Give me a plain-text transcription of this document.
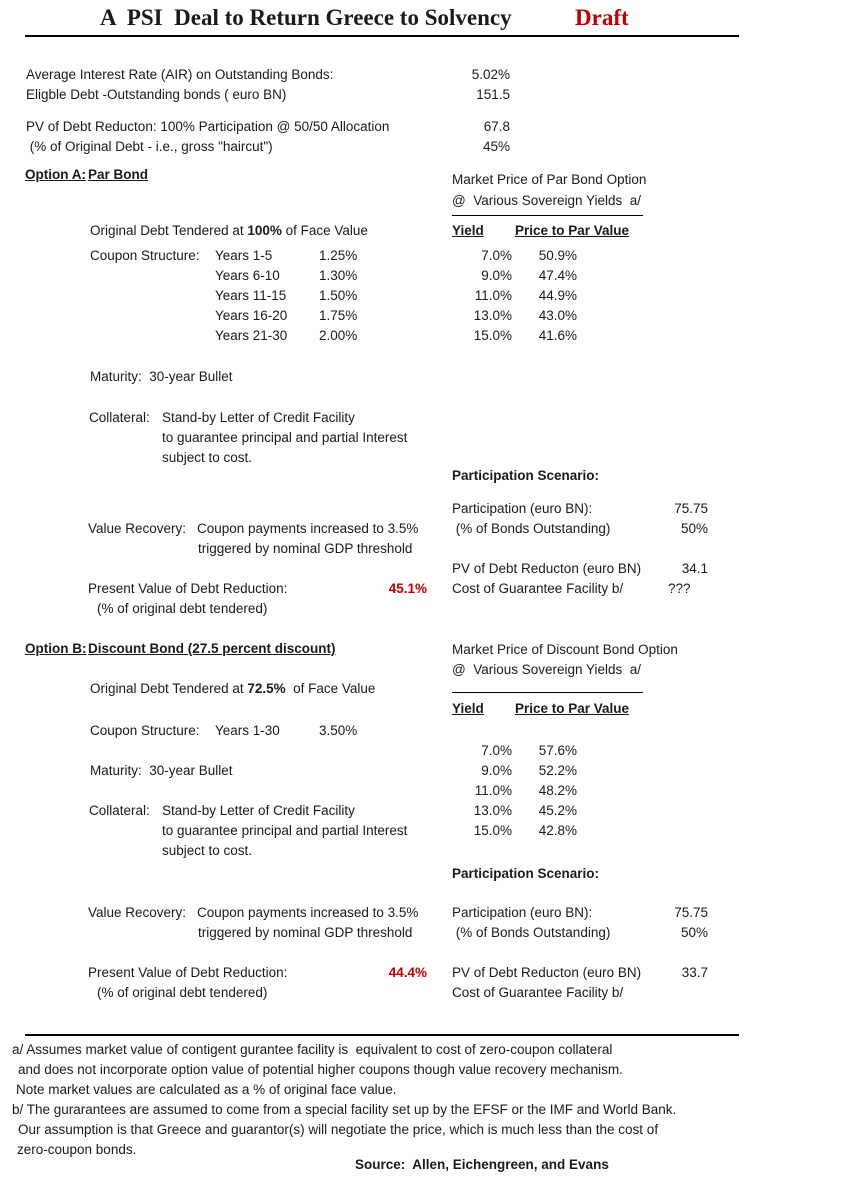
A  PSI  Deal to Return Greece to Solvency	Draft
Average Interest Rate (AIR) on Outstanding Bonds:	5.02%
Eligble Debt -Outstanding bonds ( euro BN)	151.5
PV of Debt Reducton: 100% Participation @ 50/50 Allocation	67.8
(% of Original Debt - i.e., gross "haircut")	45%
Option A: Par Bond	Market Price of Par Bond Option
@  Various Sovereign Yields  a/
Original Debt Tendered at 100% of Face Value	Yield Price to Par Value
Coupon Structure: Years 1-5	1.25%
Years 6-10	1.30%
Years 11-15 1.50%
Years 16-20 1.75%
Years 21-30 2.00%
7.0%	50.9%
9.0%	47.4%
11.0%	44.9%
13.0%	43.0%
15.0%	41.6%
Maturity:  30-year Bullet
Collateral: Stand-by Letter of Credit Facility
to guarantee principal and partial Interest
subject to cost.
Participation Scenario:
Participation (euro BN):	75.75
(% of Bonds Outstanding)	50%
PV of Debt Reducton (euro BN)	34.1
Cost of Guarantee Facility b/	???
Value Recovery: Coupon payments increased to 3.5%
triggered by nominal GDP threshold
Present Value of Debt Reduction:	45.1%
(% of original debt tendered)
Option B: Discount Bond (27.5 percent discount)	Market Price of Discount Bond Option
@  Various Sovereign Yields  a/
Original Debt Tendered at 72.5%  of Face Value
Yield Price to Par Value
Coupon Structure: Years 1-30	3.50%
7.0%	57.6%
9.0%	52.2%
11.0%	48.2%
13.0%	45.2%
15.0%	42.8%
Maturity:  30-year Bullet
Collateral: Stand-by Letter of Credit Facility
to guarantee principal and partial Interest
subject to cost.
Participation Scenario:
Participation (euro BN):	75.75
(% of Bonds Outstanding)	50%
PV of Debt Reducton (euro BN)	33.7
Cost of Guarantee Facility b/
Value Recovery: Coupon payments increased to 3.5%
triggered by nominal GDP threshold
Present Value of Debt Reduction:	44.4%
(% of original debt tendered)
a/ Assumes market value of contigent gurantee facility is  equivalent to cost of zero-coupon collateral
and does not incorporate option value of potential higher coupons though value recovery mechanism.
Note market values are calculated as a % of original face value.
b/ The gurarantees are assumed to come from a special facility set up by the EFSF or the IMF and World Bank.
Our assumption is that Greece and guarantor(s) will negotiate the price, which is much less than the cost of
zero-coupon bonds.
Source:  Allen, Eichengreen, and Evans
